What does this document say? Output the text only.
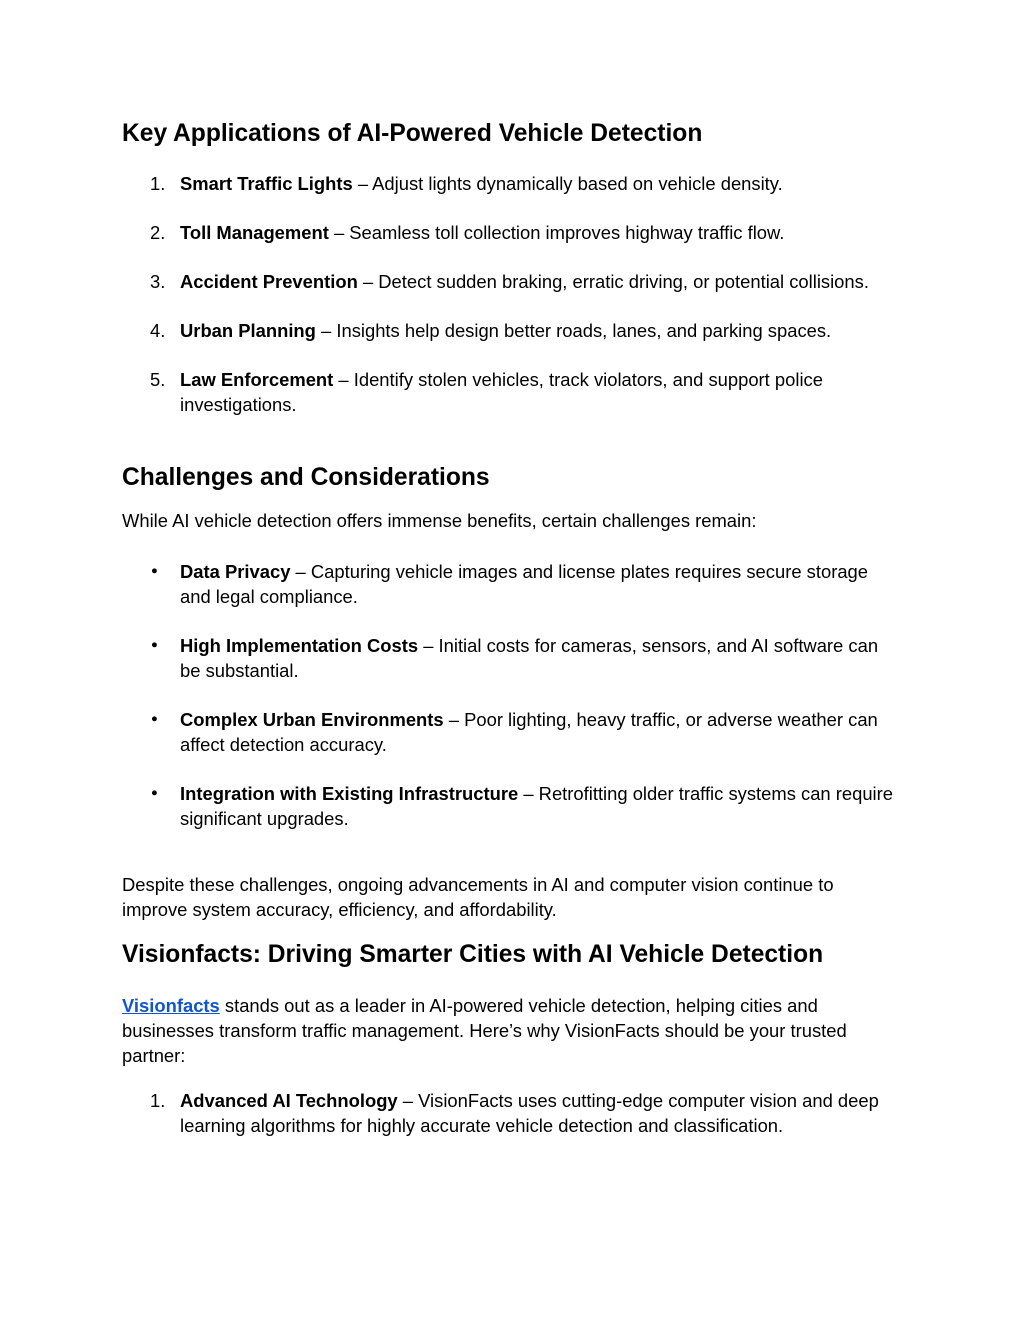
Key Applications of AI-Powered Vehicle Detection
1. Smart Traffic Lights – Adjust lights dynamically based on vehicle density.
2. Toll Management – Seamless toll collection improves highway traffic flow.
3. Accident Prevention – Detect sudden braking, erratic driving, or potential collisions.
4. Urban Planning – Insights help design better roads, lanes, and parking spaces.
5. Law Enforcement – Identify stolen vehicles, track violators, and support police investigations.
Challenges and Considerations

While AI vehicle detection offers immense benefits, certain challenges remain:

● Data Privacy – Capturing vehicle images and license plates requires secure storage and legal compliance.
● High Implementation Costs – Initial costs for cameras, sensors, and AI software can be substantial.
● Complex Urban Environments – Poor lighting, heavy traffic, or adverse weather can affect detection accuracy.
● Integration with Existing Infrastructure – Retrofitting older traffic systems can require significant upgrades.

Despite these challenges, ongoing advancements in AI and computer vision continue to improve system accuracy, efficiency, and affordability.

Visionfacts: Driving Smarter Cities with AI Vehicle Detection

Visionfacts stands out as a leader in AI-powered vehicle detection, helping cities and businesses transform traffic management. Here’s why VisionFacts should be your trusted partner:

1. Advanced AI Technology – VisionFacts uses cutting-edge computer vision and deep learning algorithms for highly accurate vehicle detection and classification.
